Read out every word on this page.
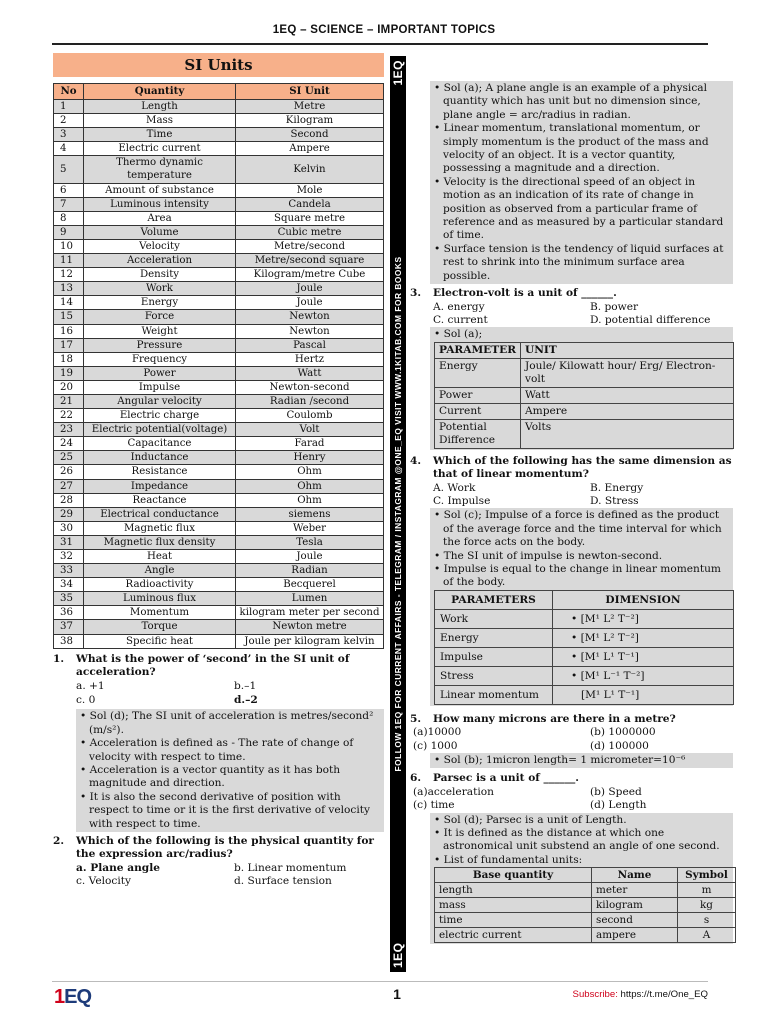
1EQ – SCIENCE – IMPORTANT TOPICS
SI Units
No	Quantity	SI Unit
1	Length	Metre
2	Mass	Kilogram
3	Time	Second
4	Electric current	Ampere
5	Thermo dynamic temperature	Kelvin
6	Amount of substance	Mole
7	Luminous intensity	Candela
8	Area	Square metre
9	Volume	Cubic metre
10	Velocity	Metre/second
11	Acceleration	Metre/second square
12	Density	Kilogram/metre Cube
13	Work	Joule
14	Energy	Joule
15	Force	Newton
16	Weight	Newton
17	Pressure	Pascal
18	Frequency	Hertz
19	Power	Watt
20	Impulse	Newton-second
21	Angular velocity	Radian /second
22	Electric charge	Coulomb
23	Electric potential(voltage)	Volt
24	Capacitance	Farad
25	Inductance	Henry
26	Resistance	Ohm
27	Impedance	Ohm
28	Reactance	Ohm
29	Electrical conductance	siemens
30	Magnetic flux	Weber
31	Magnetic flux density	Tesla
32	Heat	Joule
33	Angle	Radian
34	Radioactivity	Becquerel
35	Luminous flux	Lumen
36	Momentum	kilogram meter per second
37	Torque	Newton metre
38	Specific heat	Joule per kilogram kelvin
1.	What is the power of ‘second’ in the SI unit of acceleration?
a. +1	b.–1
c. 0	d.–2

• Sol (d); The SI unit of acceleration is metres/second² (m/s²).

• Acceleration is defined as - The rate of change of velocity with respect to time.

• Acceleration is a vector quantity as it has both magnitude and direction.

• It is also the second derivative of position with respect to time or it is the first derivative of velocity with respect to time.

2.	Which of the following is the physical quantity for the expression arc/radius?
a. Plane angle	b. Linear momentum
c. Velocity	d. Surface tension
1EQ
FOLLOW 1EQ FOR CURRENT AFFAIRS - TELEGRAM / INSTAGRAM @ONE_EQ VISIT WWW.1KITAB.COM FOR BOOKS
1EQ

• Sol (a); A plane angle is an example of a physical quantity which has unit but no dimension since, plane angle = arc/radius in radian.

• Linear momentum, translational momentum, or simply momentum is the product of the mass and velocity of an object. It is a vector quantity, possessing a magnitude and a direction.

• Velocity is the directional speed of an object in motion as an indication of its rate of change in position as observed from a particular frame of reference and as measured by a particular standard of time.

• Surface tension is the tendency of liquid surfaces at rest to shrink into the minimum surface area possible.

3.	Electron-volt is a unit of ______.
A. energy	B. power
C. current	D. potential difference

• Sol (a);

PARAMETER	UNIT
Energy	Joule/ Kilowatt hour/ Erg/ Electron-volt
Power	Watt
Current	Ampere
Potential Difference	Volts
4.	Which of the following has the same dimension as that of linear momentum?
A. Work	B. Energy
C. Impulse	D. Stress

• Sol (c); Impulse of a force is defined as the product of the average force and the time interval for which the force acts on the body.

• The SI unit of impulse is newton-second.

• Impulse is equal to the change in linear momentum of the body.

PARAMETERS	DIMENSION
Work	• [M¹ L² T⁻²]
Energy	• [M¹ L² T⁻²]
Impulse	• [M¹ L¹ T⁻¹]
Stress	• [M¹ L⁻¹ T⁻²]
Linear momentum	[M¹ L¹ T⁻¹]
5.	How many microns are there in a metre?
(a)10000	(b) 1000000
(c) 1000	(d) 100000

• Sol (b); 1micron length= 1 micrometer=10⁻⁶

6.	Parsec is a unit of ______.
(a)acceleration	(b) Speed
(c) time	(d) Length

• Sol (d); Parsec is a unit of Length.

• It is defined as the distance at which one astronomical unit substend an angle of one second.

• List of fundamental units:

Base quantity	Name	Symbol
length	meter	m
mass	kilogram	kg
time	second	s
electric current	ampere	A
1EQ	1	Subscribe: https://t.me/One_EQ
